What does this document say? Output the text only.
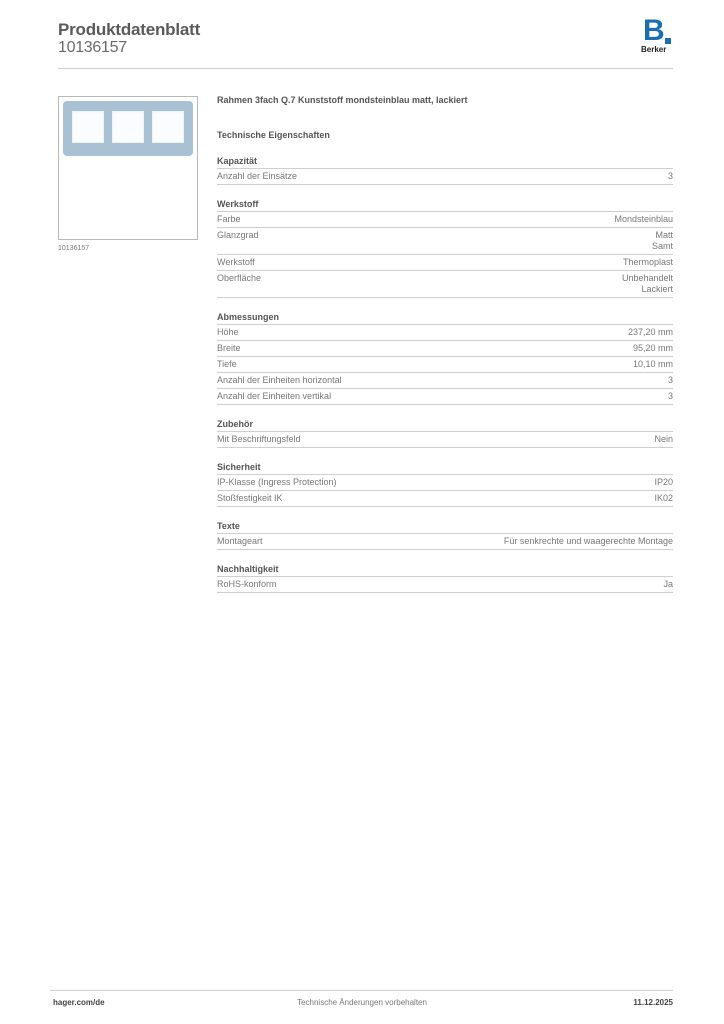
Produktdatenblatt
10136157
B
Berker
10136157
Rahmen 3fach Q.7 Kunststoff mondsteinblau matt, lackiert
Technische Eigenschaften
Kapazität
Anzahl der Einsätze	3
Werkstoff
Farbe	Mondsteinblau
Glanzgrad	Matt
Samt
Werkstoff	Thermoplast
Oberfläche	Unbehandelt
Lackiert
Abmessungen
Höhe	237,20 mm
Breite	95,20 mm
Tiefe	10,10 mm
Anzahl der Einheiten horizontal	3
Anzahl der Einheiten vertikal	3
Zubehör
Mit Beschriftungsfeld	Nein
Sicherheit
IP-Klasse (Ingress Protection)	IP20
Stoßfestigkeit IK	IK02
Texte
Montageart	Für senkrechte und waagerechte Montage
Nachhaltigkeit
RoHS-konform	Ja
hager.com/de	Technische Änderungen vorbehalten	11.12.2025
